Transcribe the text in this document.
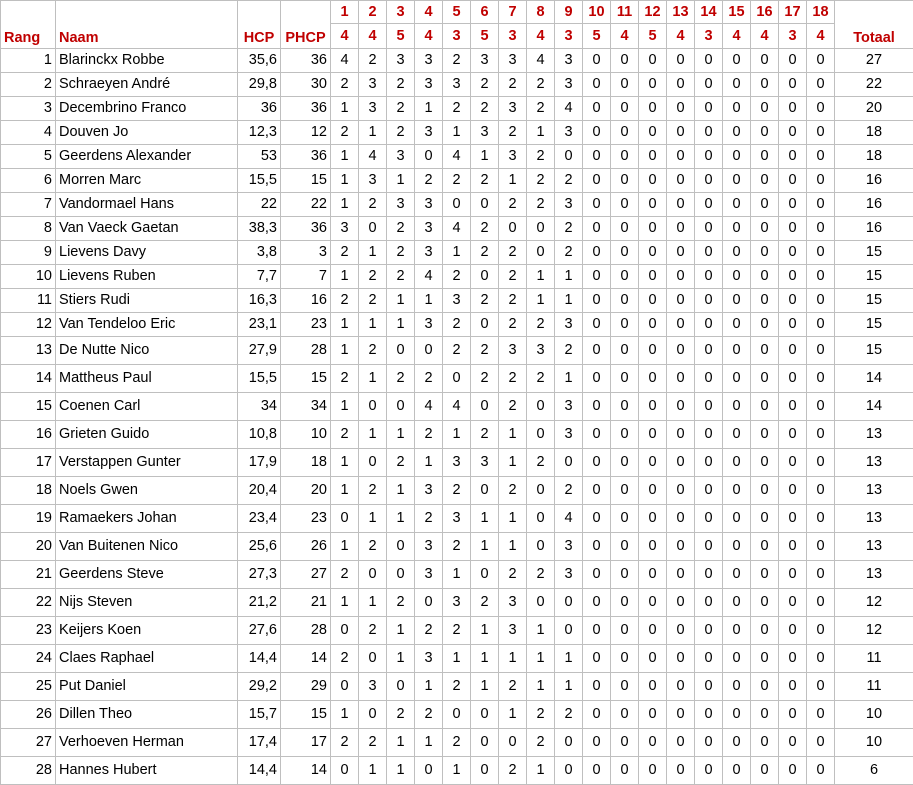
				1	2	3	4	5	6	7	8	9	10	11	12	13	14	15	16	17	18	
Rang	Naam	HCP	PHCP	4	4	5	4	3	5	3	4	3	5	4	5	4	3	4	4	3	4	Totaal
1	Blarinckx Robbe	35,6	36	4	2	3	3	2	3	3	4	3	0	0	0	0	0	0	0	0	0	27
2	Schraeyen André	29,8	30	2	3	2	3	3	2	2	2	3	0	0	0	0	0	0	0	0	0	22
3	Decembrino Franco	36	36	1	3	2	1	2	2	3	2	4	0	0	0	0	0	0	0	0	0	20
4	Douven Jo	12,3	12	2	1	2	3	1	3	2	1	3	0	0	0	0	0	0	0	0	0	18
5	Geerdens Alexander	53	36	1	4	3	0	4	1	3	2	0	0	0	0	0	0	0	0	0	0	18
6	Morren Marc	15,5	15	1	3	1	2	2	2	1	2	2	0	0	0	0	0	0	0	0	0	16
7	Vandormael Hans	22	22	1	2	3	3	0	0	2	2	3	0	0	0	0	0	0	0	0	0	16
8	Van Vaeck Gaetan	38,3	36	3	0	2	3	4	2	0	0	2	0	0	0	0	0	0	0	0	0	16
9	Lievens Davy	3,8	3	2	1	2	3	1	2	2	0	2	0	0	0	0	0	0	0	0	0	15
10	Lievens Ruben	7,7	7	1	2	2	4	2	0	2	1	1	0	0	0	0	0	0	0	0	0	15
11	Stiers Rudi	16,3	16	2	2	1	1	3	2	2	1	1	0	0	0	0	0	0	0	0	0	15
12	Van Tendeloo Eric	23,1	23	1	1	1	3	2	0	2	2	3	0	0	0	0	0	0	0	0	0	15
13	De Nutte Nico	27,9	28	1	2	0	0	2	2	3	3	2	0	0	0	0	0	0	0	0	0	15
14	Mattheus Paul	15,5	15	2	1	2	2	0	2	2	2	1	0	0	0	0	0	0	0	0	0	14
15	Coenen Carl	34	34	1	0	0	4	4	0	2	0	3	0	0	0	0	0	0	0	0	0	14
16	Grieten Guido	10,8	10	2	1	1	2	1	2	1	0	3	0	0	0	0	0	0	0	0	0	13
17	Verstappen Gunter	17,9	18	1	0	2	1	3	3	1	2	0	0	0	0	0	0	0	0	0	0	13
18	Noels Gwen	20,4	20	1	2	1	3	2	0	2	0	2	0	0	0	0	0	0	0	0	0	13
19	Ramaekers Johan	23,4	23	0	1	1	2	3	1	1	0	4	0	0	0	0	0	0	0	0	0	13
20	Van Buitenen Nico	25,6	26	1	2	0	3	2	1	1	0	3	0	0	0	0	0	0	0	0	0	13
21	Geerdens Steve	27,3	27	2	0	0	3	1	0	2	2	3	0	0	0	0	0	0	0	0	0	13
22	Nijs Steven	21,2	21	1	1	2	0	3	2	3	0	0	0	0	0	0	0	0	0	0	0	12
23	Keijers Koen	27,6	28	0	2	1	2	2	1	3	1	0	0	0	0	0	0	0	0	0	0	12
24	Claes Raphael	14,4	14	2	0	1	3	1	1	1	1	1	0	0	0	0	0	0	0	0	0	11
25	Put Daniel	29,2	29	0	3	0	1	2	1	2	1	1	0	0	0	0	0	0	0	0	0	11
26	Dillen Theo	15,7	15	1	0	2	2	0	0	1	2	2	0	0	0	0	0	0	0	0	0	10
27	Verhoeven Herman	17,4	17	2	2	1	1	2	0	0	2	0	0	0	0	0	0	0	0	0	0	10
28	Hannes Hubert	14,4	14	0	1	1	0	1	0	2	1	0	0	0	0	0	0	0	0	0	0	6
